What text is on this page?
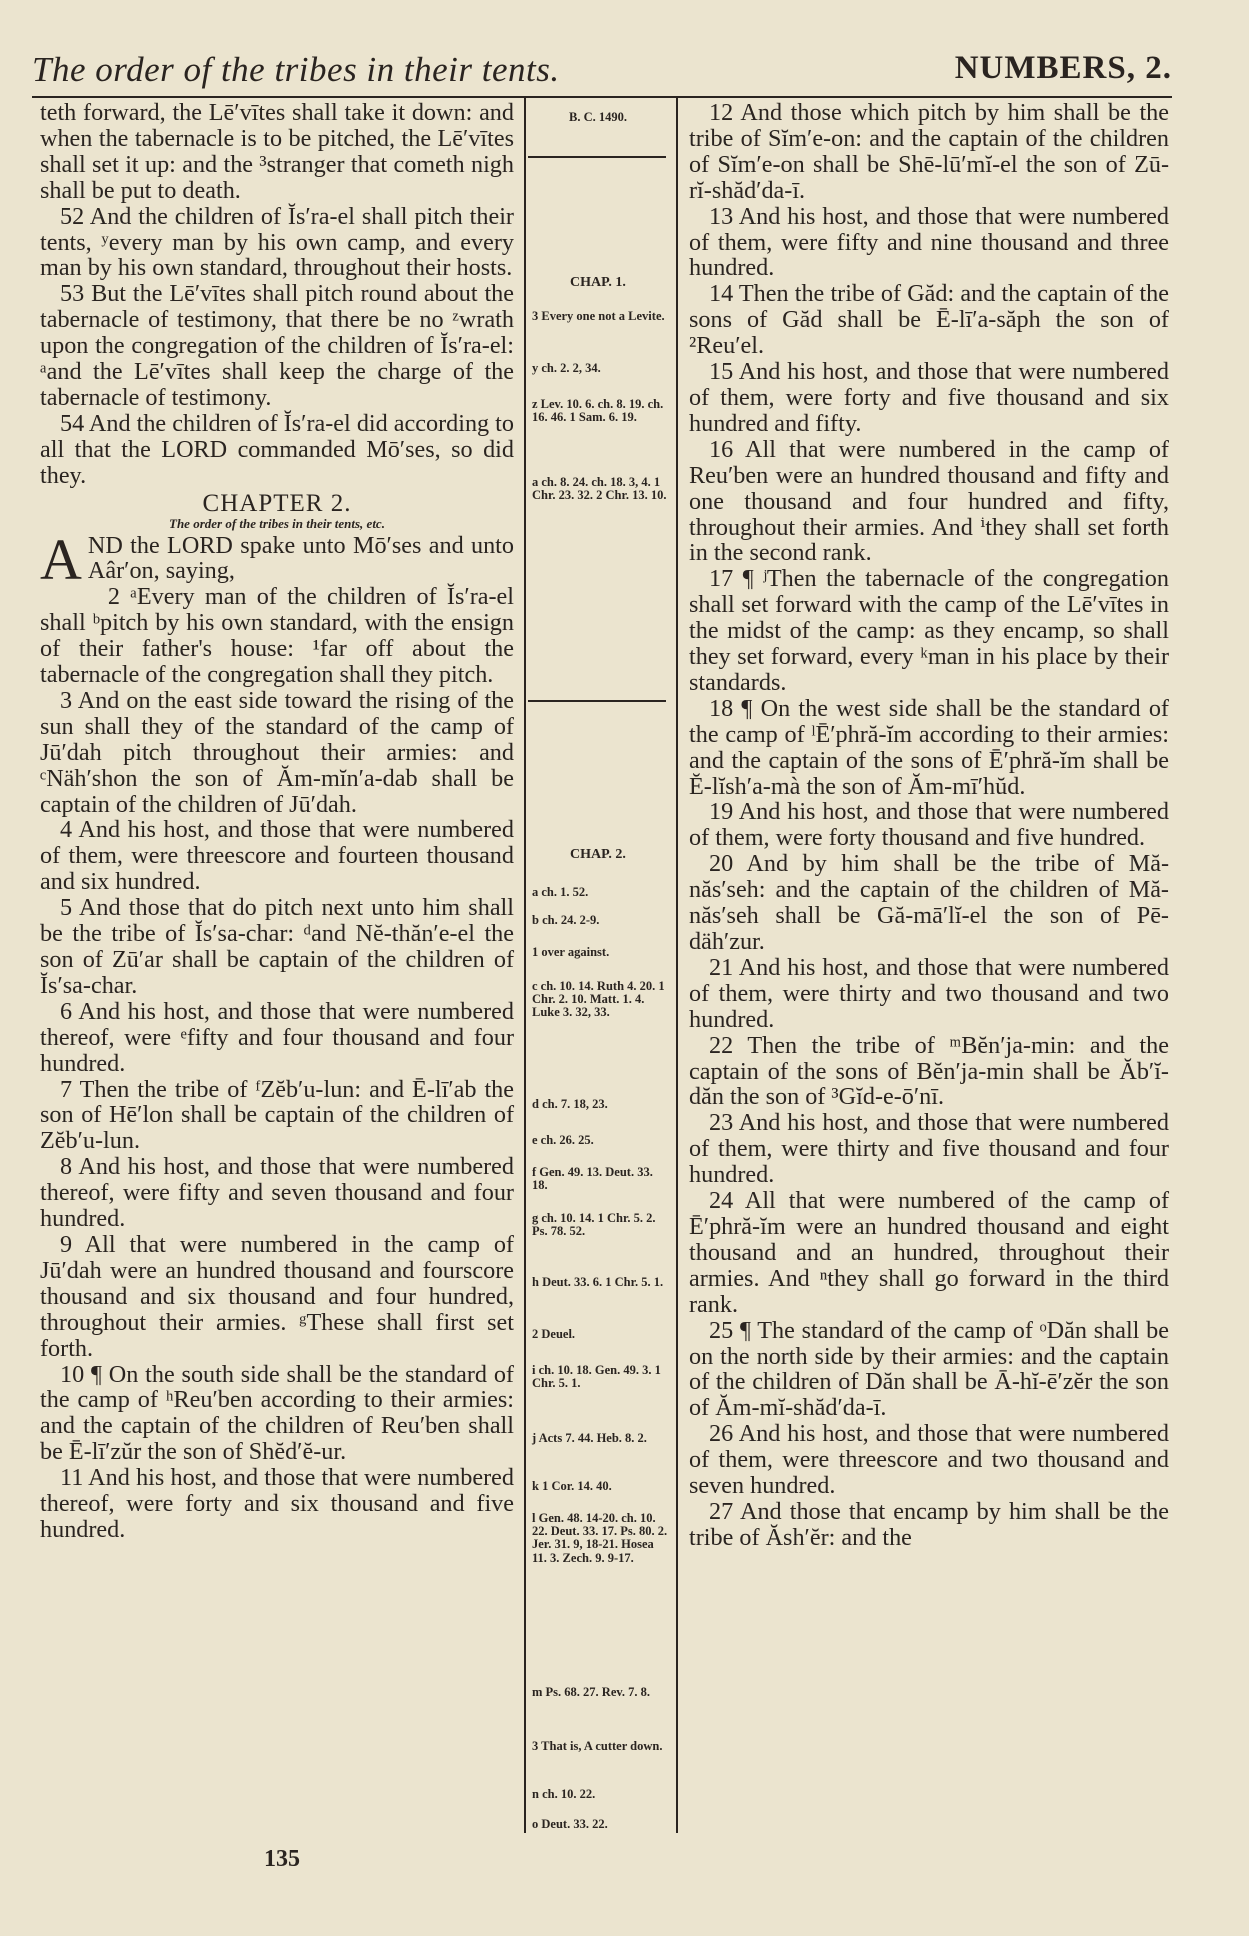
The order of the tribes in their tents.	NUMBERS, 2.

teth forward, the Lē′vītes shall take it down: and when the tabernacle is to be pitched, the Lē′vītes shall set it up: and the ³stranger that cometh nigh shall be put to death.

52 And the children of Ĭs′ra-el shall pitch their tents, ʸevery man by his own camp, and every man by his own standard, throughout their hosts.

53 But the Lē′vītes shall pitch round about the tabernacle of testimony, that there be no ᶻwrath upon the congregation of the children of Ĭs′ra-el: ᵃand the Lē′vītes shall keep the charge of the tabernacle of testimony.

54 And the children of Ĭs′ra-el did according to all that the LORD commanded Mō′ses, so did they.

CHAPTER 2.
The order of the tribes in their tents, etc.

A ND the LORD spake unto Mō′ses and unto Aâr′on, saying,

2 ᵃEvery man of the children of Ĭs′ra-el shall ᵇpitch by his own standard, with the ensign of their father's house: ¹far off about the tabernacle of the congregation shall they pitch.

3 And on the east side toward the rising of the sun shall they of the standard of the camp of Jū′dah pitch throughout their armies: and ᶜNäh′shon the son of Ăm-mĭn′a-dab shall be captain of the children of Jū′dah.

4 And his host, and those that were numbered of them, were threescore and fourteen thousand and six hundred.

5 And those that do pitch next unto him shall be the tribe of Ĭs′sa-char: ᵈand Nĕ-thăn′e-el the son of Zū′ar shall be captain of the children of Ĭs′sa-char.

6 And his host, and those that were numbered thereof, were ᵉfifty and four thousand and four hundred.

7 Then the tribe of ᶠZĕb′u-lun: and Ē-lī′ab the son of Hē′lon shall be captain of the children of Zĕb′u-lun.

8 And his host, and those that were numbered thereof, were fifty and seven thousand and four hundred.

9 All that were numbered in the camp of Jū′dah were an hundred thousand and fourscore thousand and six thousand and four hundred, throughout their armies. ᵍThese shall first set forth.

10 ¶ On the south side shall be the standard of the camp of ʰReu′ben according to their armies: and the captain of the children of Reu′ben shall be Ē-lī′zŭr the son of Shĕd′ĕ-ur.

11 And his host, and those that were numbered thereof, were forty and six thousand and five hundred.

B. C. 1490.
CHAP. 1.
3 Every one not a Levite.
y ch. 2. 2, 34.
z Lev. 10. 6. ch. 8. 19. ch. 16. 46. 1 Sam. 6. 19.
a ch. 8. 24. ch. 18. 3, 4. 1 Chr. 23. 32. 2 Chr. 13. 10.
CHAP. 2.
a ch. 1. 52.
b ch. 24. 2-9.
1 over against.
c ch. 10. 14. Ruth 4. 20. 1 Chr. 2. 10. Matt. 1. 4. Luke 3. 32, 33.
d ch. 7. 18, 23.
e ch. 26. 25.
f Gen. 49. 13. Deut. 33. 18.
g ch. 10. 14. 1 Chr. 5. 2. Ps. 78. 52.
h Deut. 33. 6. 1 Chr. 5. 1.
2 Deuel.
i ch. 10. 18. Gen. 49. 3. 1 Chr. 5. 1.
j Acts 7. 44. Heb. 8. 2.
k 1 Cor. 14. 40.
l Gen. 48. 14-20. ch. 10. 22. Deut. 33. 17. Ps. 80. 2. Jer. 31. 9, 18-21. Hosea 11. 3. Zech. 9. 9-17.
m Ps. 68. 27. Rev. 7. 8.
3 That is, A cutter down.
n ch. 10. 22.
o Deut. 33. 22.

12 And those which pitch by him shall be the tribe of Sĭm′e-on: and the captain of the children of Sĭm′e-on shall be Shē-lū′mĭ-el the son of Zū-rĭ-shăd′da-ī.

13 And his host, and those that were numbered of them, were fifty and nine thousand and three hundred.

14 Then the tribe of Găd: and the captain of the sons of Găd shall be Ē-lī′a-săph the son of ²Reu′el.

15 And his host, and those that were numbered of them, were forty and five thousand and six hundred and fifty.

16 All that were numbered in the camp of Reu′ben were an hundred thousand and fifty and one thousand and four hundred and fifty, throughout their armies. And ⁱthey shall set forth in the second rank.

17 ¶ ʲThen the tabernacle of the congregation shall set forward with the camp of the Lē′vītes in the midst of the camp: as they encamp, so shall they set forward, every ᵏman in his place by their standards.

18 ¶ On the west side shall be the standard of the camp of ˡĒ′phră-ĭm according to their armies: and the captain of the sons of Ē′phră-ĭm shall be Ĕ-lĭsh′a-mà the son of Ăm-mī′hŭd.

19 And his host, and those that were numbered of them, were forty thousand and five hundred.

20 And by him shall be the tribe of Mă-năs′seh: and the captain of the children of Mă-năs′seh shall be Gă-mā′lĭ-el the son of Pē-däh′zur.

21 And his host, and those that were numbered of them, were thirty and two thousand and two hundred.

22 Then the tribe of ᵐBĕn′ja-min: and the captain of the sons of Bĕn′ja-min shall be Ăb′ĭ-dăn the son of ³Gĭd-e-ō′nī.

23 And his host, and those that were numbered of them, were thirty and five thousand and four hundred.

24 All that were numbered of the camp of Ē′phră-ĭm were an hundred thousand and eight thousand and an hundred, throughout their armies. And ⁿthey shall go forward in the third rank.

25 ¶ The standard of the camp of ᵒDăn shall be on the north side by their armies: and the captain of the children of Dăn shall be Ā-hĭ-ē′zĕr the son of Ăm-mĭ-shăd′da-ī.

26 And his host, and those that were numbered of them, were threescore and two thousand and seven hundred.

27 And those that encamp by him shall be the tribe of Ăsh′ĕr: and the

135
